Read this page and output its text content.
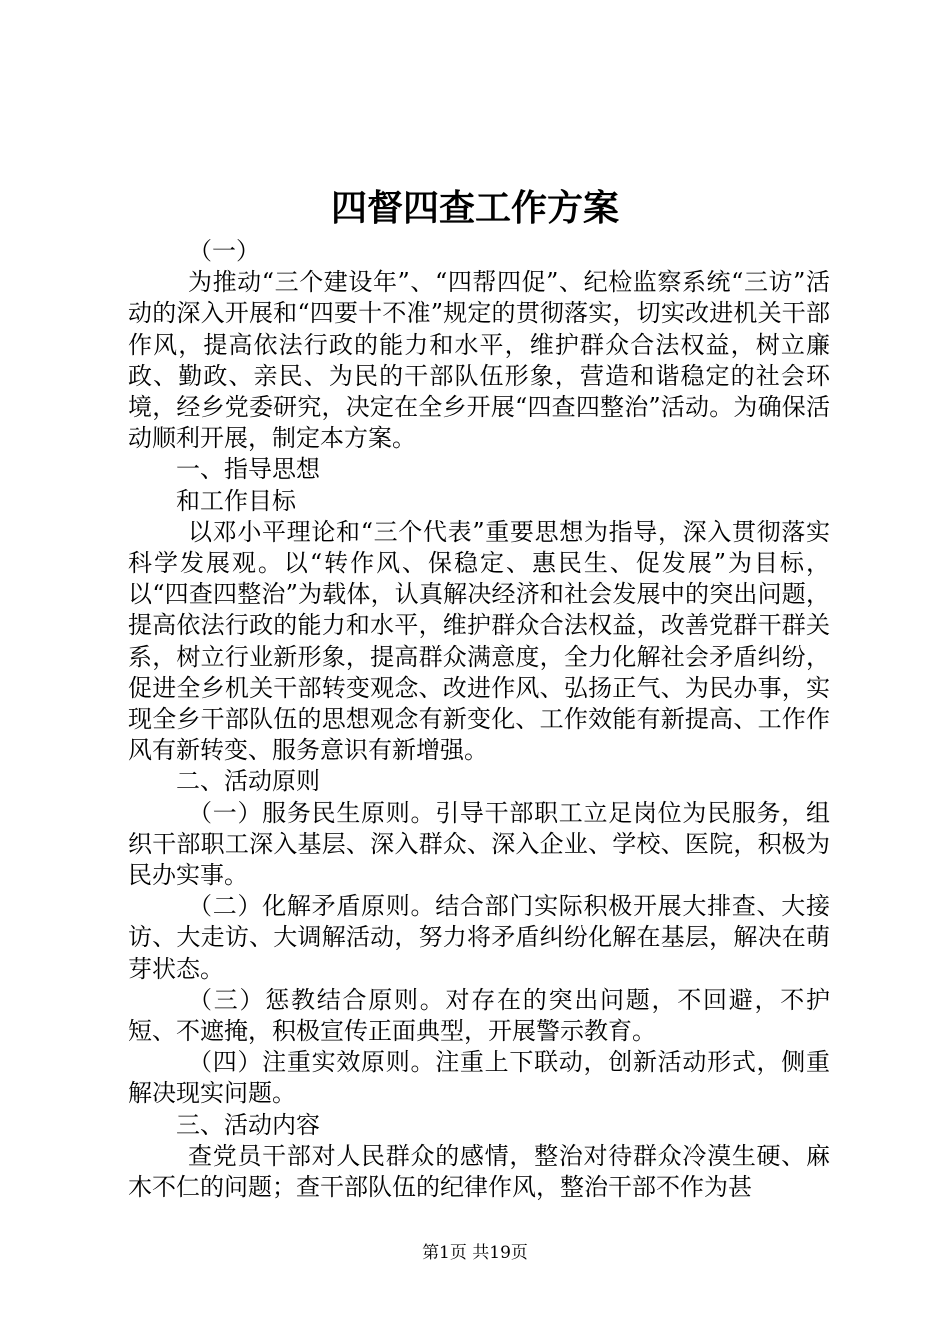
四督四查工作方案

（一）

为推动“三个建设年”、“四帮四促”、纪检监察系统“三访”活动的深入开展和“四要十不准”规定的贯彻落实，切实改进机关干部作风，提高依法行政的能力和水平，维护群众合法权益，树立廉政、勤政、亲民、为民的干部队伍形象，营造和谐稳定的社会环境，经乡党委研究，决定在全乡开展“四查四整治”活动。为确保活动顺利开展，制定本方案。

一、指导思想

和工作目标

以邓小平理论和“三个代表”重要思想为指导，深入贯彻落实科学发展观。以“转作风、保稳定、惠民生、促发展”为目标，以“四查四整治”为载体，认真解决经济和社会发展中的突出问题，提高依法行政的能力和水平，维护群众合法权益，改善党群干群关系，树立行业新形象，提高群众满意度，全力化解社会矛盾纠纷，促进全乡机关干部转变观念、改进作风、弘扬正气、为民办事，实现全乡干部队伍的思想观念有新变化、工作效能有新提高、工作作风有新转变、服务意识有新增强。

二、活动原则

（一）服务民生原则。引导干部职工立足岗位为民服务，组织干部职工深入基层、深入群众、深入企业、学校、医院，积极为民办实事。

（二）化解矛盾原则。结合部门实际积极开展大排查、大接访、大走访、大调解活动，努力将矛盾纠纷化解在基层，解决在萌芽状态。

（三）惩教结合原则。对存在的突出问题，不回避，不护短、不遮掩，积极宣传正面典型，开展警示教育。

（四）注重实效原则。注重上下联动，创新活动形式，侧重解决现实问题。

三、活动内容

查党员干部对人民群众的感情，整治对待群众冷漠生硬、麻木不仁的问题；查干部队伍的纪律作风，整治干部不作为甚

第1页 共19页
